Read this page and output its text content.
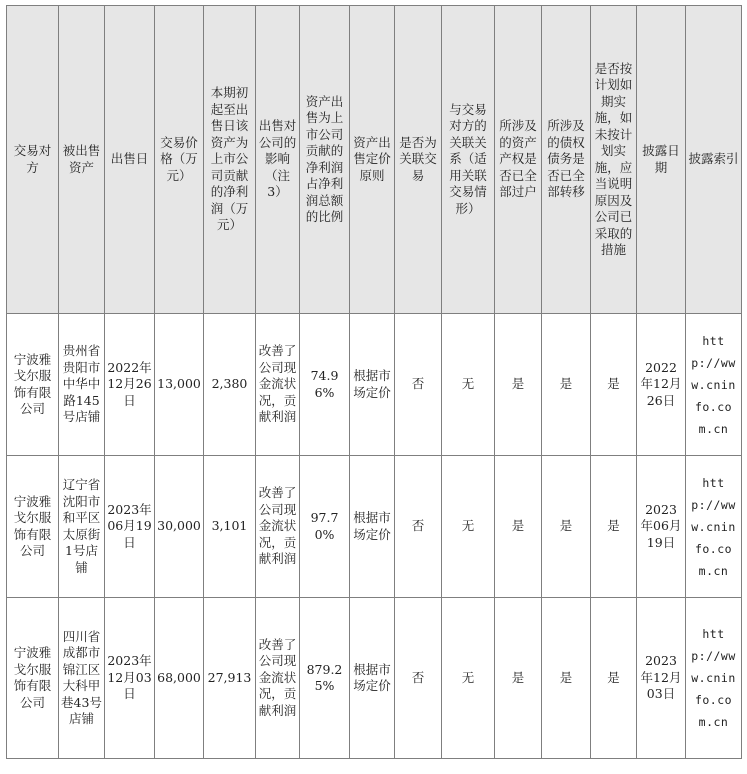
交易对方	被出售资产	出售日	交易价格（万元）	本期初起至出售日该资产为上市公司贡献的净利润（万元）	出售对公司的影响（注3）	资产出售为上市公司贡献的净利润占净利润总额的比例	资产出售定价原则	是否为关联交易	与交易对方的关联关系（适用关联交易情形）	所涉及的资产产权是否已全部过户	所涉及的债权债务是否已全部转移	是否按计划如期实施，如未按计划实施，应当说明原因及公司已采取的措施	披露日期	披露索引
宁波雅戈尔服饰有限公司	贵州省贵阳市中华中路145号店铺	2022年12月26日	13,000	2,380	改善了公司现金流状况，贡献利润	74.96%	根据市场定价	否	无	是	是	是	2022年12月26日	http://www.cninfo.com.cn
宁波雅戈尔服饰有限公司	辽宁省沈阳市和平区太原街1号店铺	2023年06月19日	30,000	3,101	改善了公司现金流状况，贡献利润	97.70%	根据市场定价	否	无	是	是	是	2023年06月19日	http://www.cninfo.com.cn
宁波雅戈尔服饰有限公司	四川省成都市锦江区大科甲巷43号店铺	2023年12月03日	68,000	27,913	改善了公司现金流状况，贡献利润	879.25%	根据市场定价	否	无	是	是	是	2023年12月03日	http://www.cninfo.com.cn
